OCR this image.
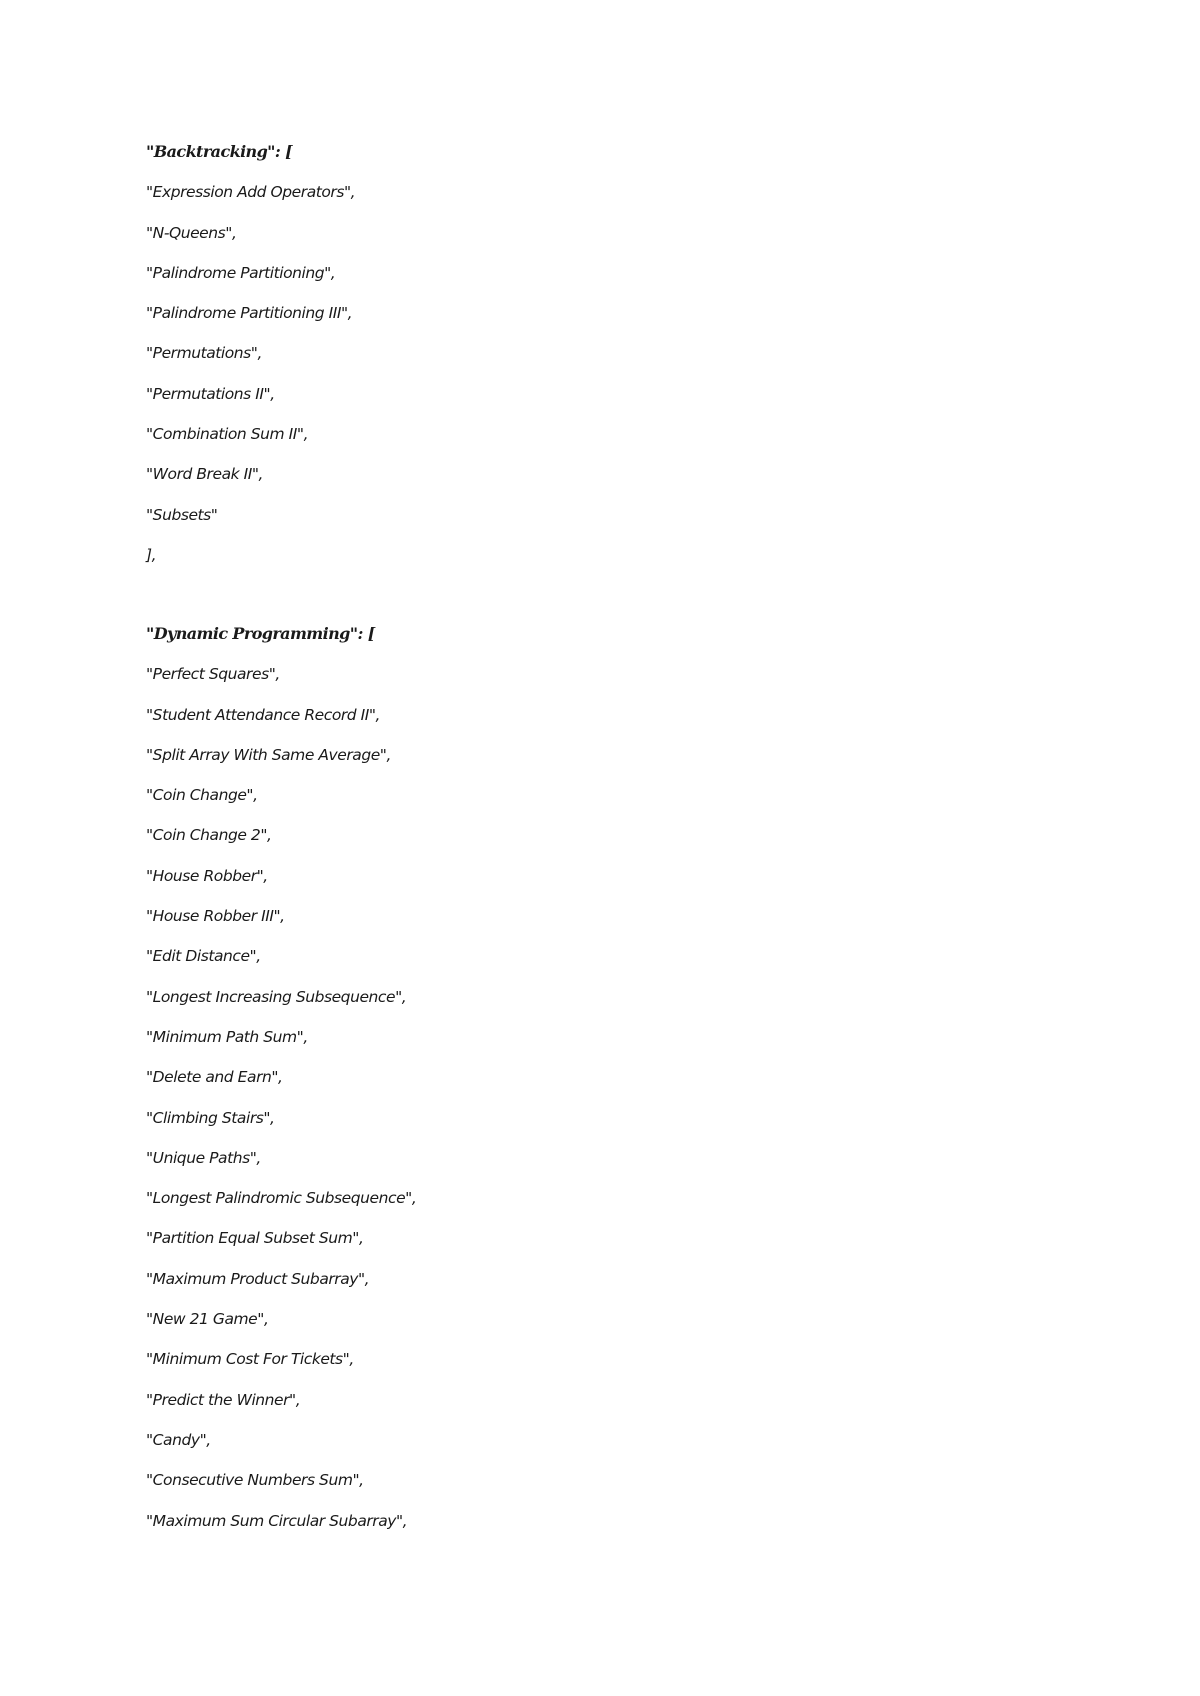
"Backtracking": [
"Expression Add Operators",
"N-Queens",
"Palindrome Partitioning",
"Palindrome Partitioning III",
"Permutations",
"Permutations II",
"Combination Sum II",
"Word Break II",
"Subsets"
],
"Dynamic Programming": [
"Perfect Squares",
"Student Attendance Record II",
"Split Array With Same Average",
"Coin Change",
"Coin Change 2",
"House Robber",
"House Robber III",
"Edit Distance",
"Longest Increasing Subsequence",
"Minimum Path Sum",
"Delete and Earn",
"Climbing Stairs",
"Unique Paths",
"Longest Palindromic Subsequence",
"Partition Equal Subset Sum",
"Maximum Product Subarray",
"New 21 Game",
"Minimum Cost For Tickets",
"Predict the Winner",
"Candy",
"Consecutive Numbers Sum",
"Maximum Sum Circular Subarray",
